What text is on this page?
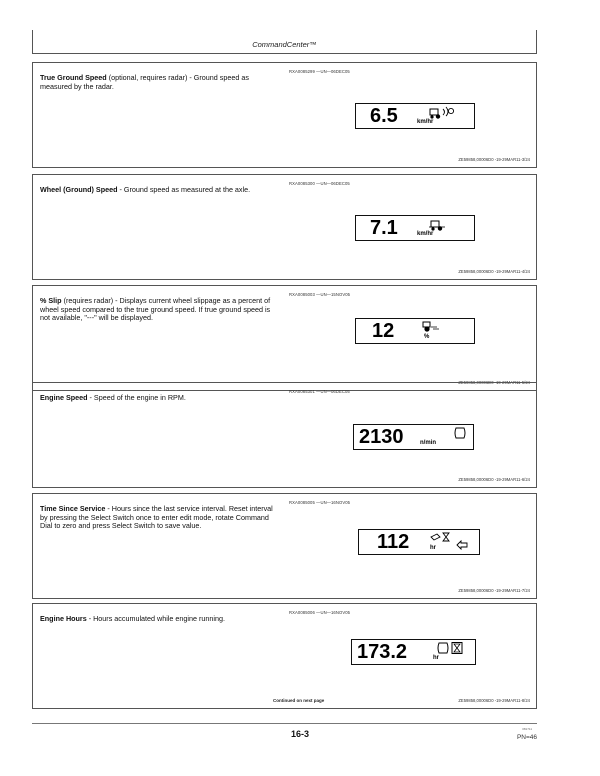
CommandCenter™
True Ground Speed (optional, requires radar) - Ground speed as measured by the radar.
RXA0085299 —UN—06DEC05
6.5	km/hr
ZE59858,00006D0 -19-29MAR11-3/24
Wheel (Ground) Speed - Ground speed as measured at the axle.
RXA0085300 —UN—06DEC05
7.1	km/hr
ZE59858,00006D0 -19-29MAR11-4/24
% Slip (requires radar) - Displays current wheel slippage as a percent of wheel speed compared to the true ground speed. If true ground speed is not available, "---" will be displayed.
RXA0085003 —UN—15NOV05
12	%
ZE59858,00006D0 -19-29MAR11-5/24
Engine Speed - Speed of the engine in RPM.
RXA0085301 —UN—06DEC05
2130	n/min
ZE59858,00006D0 -19-29MAR11-6/24
Time Since Service - Hours since the last service interval. Reset interval by pressing the Select Switch once to enter edit mode, rotate Command Dial to zero and press Select Switch to save value.
RXA0085005 —UN—16NOV05
112	hr
ZE59858,00006D0 -19-29MAR11-7/24
Engine Hours - Hours accumulated while engine running.
RXA0085006 —UN—16NOV05
173.2	hr
Continued on next page	ZE59858,00006D0 -19-29MAR11-8/24
16-3	081711
PN=46
